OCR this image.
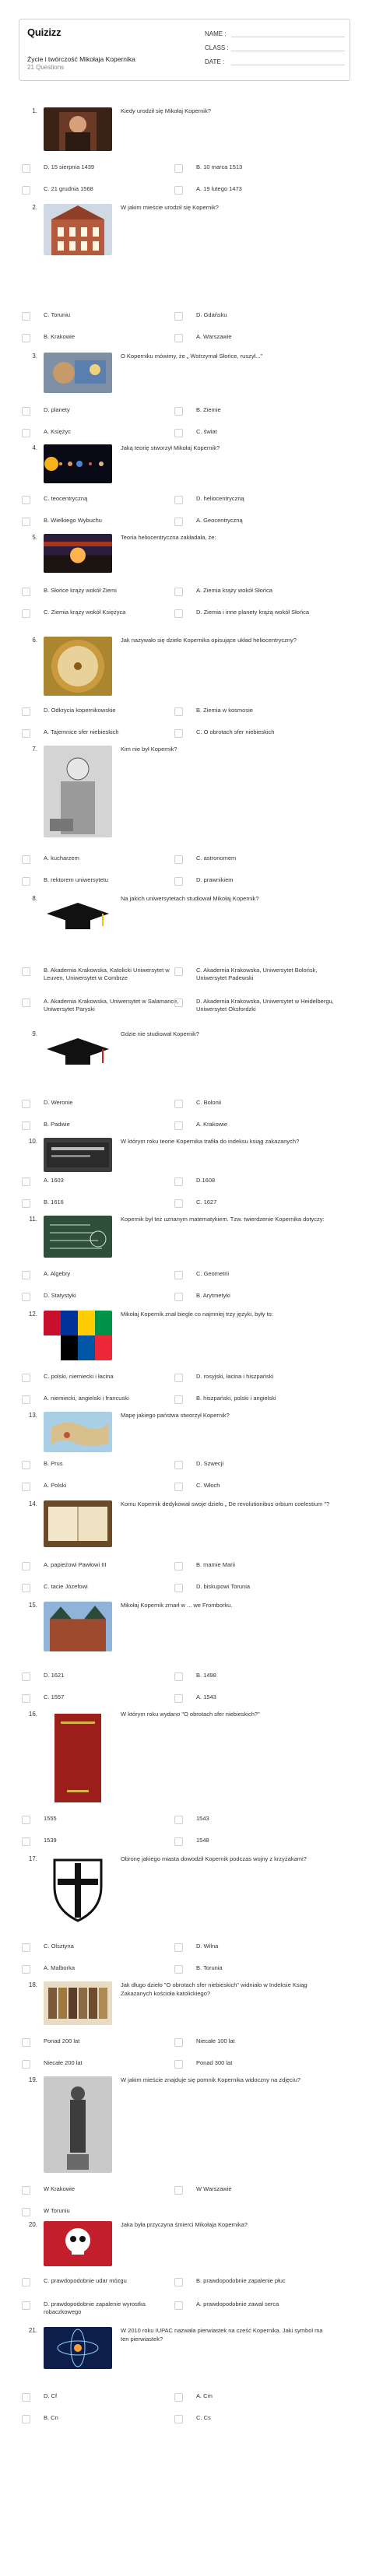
Quizizz
Życie i twórczość Mikołaja Kopernika
21 Questions
NAME :
CLASS :
DATE :
1.	Kiedy urodził się Mikołaj Kopernik?
D. 15 sierpnia 1439	B. 10 marca 1513
C. 21 grudnia 1568	A. 19 lutego 1473
2.	W jakim mieście urodził się Kopernik?
C. Toruniu	D. Gdańsku
B. Krakowie	A. Warszawie
3.	O Koperniku mówimy, że „ Wstrzymał Słońce, ruszył..."
D. planety	B. Ziemie
A. Księżyc	C. świat
4.	Jaką teorię stworzył Mikołaj Kopernik?
C. teocentryczną	D. heliocentryczną
B. Wielkiego Wybuchu	A. Geocentryczną
5.	Teoria heliocentryczna zakładała, że:
B. Słońce krąży wokół Ziemi	A. Ziemia krąży wokół Słońca
C. Ziemia krąży wokół Księżyca	D. Ziemia i inne planety krążą wokół Słońca
6.	Jak nazywało się dzieło Kopernika opisujące układ heliocentryczny?
D. Odkrycia kopernikowskie	B. Ziemia w kosmosie
A. Tajemnice sfer niebieskich	C. O obrotach sfer niebieskich
7.	Kim nie był Kopernik?
A. kucharzem	C. astronomem
B. rektorem uniwersytetu	D. prawnikiem
8.	Na jakich uniwersytetach studiował Mikołaj Kopernik?
B. Akademia Krakowska, Katolicki Uniwersytet w Leuven, Uniwersytet w Combrze
C. Akademia Krakowska, Uniwersytet Bolońsk, Uniwersytet Padewski
A. Akademia Krakowska, Uniwersytet w Salamance, Uniwersytet Paryski
D. Akademia Krakowska, Uniwersytet w Heidelbergu, Uniwersytet Oksfordzki
9.	Gdzie nie studiował Kopernik?
D. Weronie	C. Bolonii
B. Padwie	A. Krakowie
10.	W którym roku teorie Kopernika trafiła do indeksu ksiąg zakazanych?
A. 1603	D.1608
B. 1616	C. 1627
11.	Kopernik był też uznanym matematykiem. Tzw. twierdzenie Kopernika dotyczy:
A. Algebry	C. Geometrii
D. Statystyki	B. Arytmetyki
12.	Mikołaj Kopernik znał biegle co najmniej trzy języki, były to:
C. polski, niemiecki i łacina	D. rosyjski, łacina i hiszpański
A. niemiecki, angielski i francuski	B. hiszpański, polski i angielski
13.	Mapę jakiego państwa stworzył Kopernik?
B. Prus	D. Szwecji
A. Polski	C. Włoch
14.	Komu Kopernik dedykował swoje dzieło „ De revolutionibus orbium coelestium "?
A. papieżowi Pawłowi III	B. mamie Marii
C. tacie Józefowi	D. biskupowi Torunia
15.	Mikołaj Kopernik zmarł w ... we Fromborku.
D. 1621	B. 1498
C. 1557	A. 1543
16.	W którym roku wydano "O obrotach sfer niebieskich?"
1555	1543
1539	1548
17.	Obronę jakiego miasta dowodził Kopernik podczas wojny z krzyżakami?
C. Olsztyna	D. Wilna
A. Malborka	B. Torunia
18.	Jak długo dzieło "O obrotach sfer niebieskich" widniało w Indeksie Ksiąg Zakazanych kościoła katolickiego?
Ponad 200 lat	Niecałe 100 lat
Niecałe 200 lat	Ponad 300 lat
19.	W jakim mieście znajduje się pomnik Kopernika widoczny na zdjęciu?
W Krakowie	W Warszawie
W Toruniu
20.	Jaka była przyczyna śmierci Mikołaja Kopernika?
C. prawdopodobnie udar mózgu	B. prawdopodobnie zapalenie płuc
D. prawdopodobnie zapalenie wyrostka robaczkowego
A. prawdopodobnie zawał serca
21.	W 2010 roku IUPAC nazwała pierwiastek na cześć Kopernika. Jaki symbol ma ten pierwiastek?
D. Cf	A. Cm
B. Cn	C. Cs
